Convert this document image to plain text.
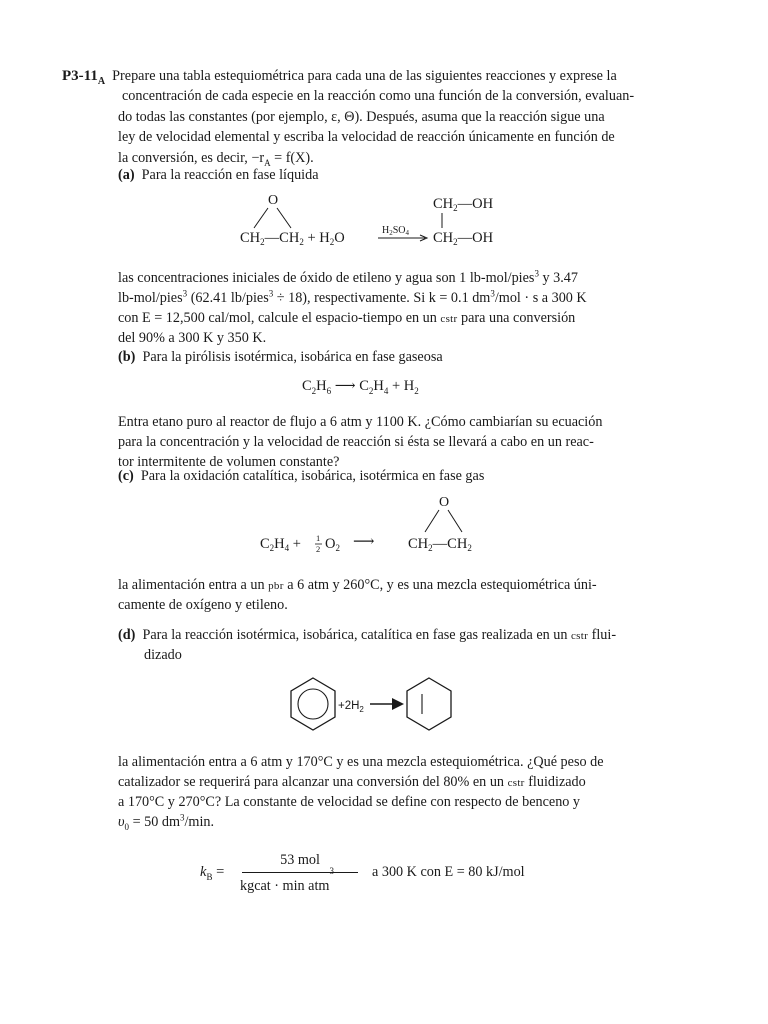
$P3-11_A$ Prepare una tabla estequiométrica para cada una de las siguientes reacciones y exprese la
concentración de cada especie en la reacción como una función de la conversión, evaluan-
do todas las constantes (por ejemplo, ε, Θ). Después, asuma que la reacción sigue una
ley de velocidad elemental y escriba la velocidad de reacción únicamente en función de
la conversión, es decir, $-r_A = f(X)$.
(a) Para la reacción en fase líquida
O
$CH_2—CH_2 + H_2O$	$H_2SO_4$
$CH_2—OH$
$CH_2—OH$
las concentraciones iniciales de óxido de etileno y agua son 1 lb-mol/pies$^3$ y 3.47
lb-mol/pies$^3$ (62.41 lb/pies$^3$ ÷ 18), respectivamente. Si k = 0.1 $dm^3$/mol · s a 300 K
con E = 12,500 cal/mol, calcule el espacio-tiempo en un cstr para una conversión
del 90% a 300 K y 350 K.
(b) Para la pirólisis isotérmica, isobárica en fase gaseosa
$C_2H_6$ ⟶ $C_2H_4 + H_2$
Entra etano puro al reactor de flujo a 6 atm y 1100 K. ¿Cómo cambiarían su ecuación
para la concentración y la velocidad de reacción si ésta se llevará a cabo en un reac-
tor intermitente de volumen constante?
(c) Para la oxidación catalítica, isobárica, isotérmica en fase gas
$C_2H_4 + 1$
2 $O_2$ ⟶
O
$CH_2—CH_2$
la alimentación entra a un pbr a 6 atm y 260°C, y es una mezcla estequiométrica úni-
camente de oxígeno y etileno.
(d) Para la reacción isotérmica, isobárica, catalítica en fase gas realizada en un cstr flui-
dizado
$+2H_2$
la alimentación entra a 6 atm y 170°C y es una mezcla estequiométrica. ¿Qué peso de
catalizador se requerirá para alcanzar una conversión del 80% en un cstr fluidizado
a 170°C y 270°C? La constante de velocidad se define con respecto de benceno y
$\upsilon_0 = 50$ $dm^3/\min$.
$k_B$ =
53 mol
kgcat · min atm$^3$	a 300 K con E = 80 kJ/mol
